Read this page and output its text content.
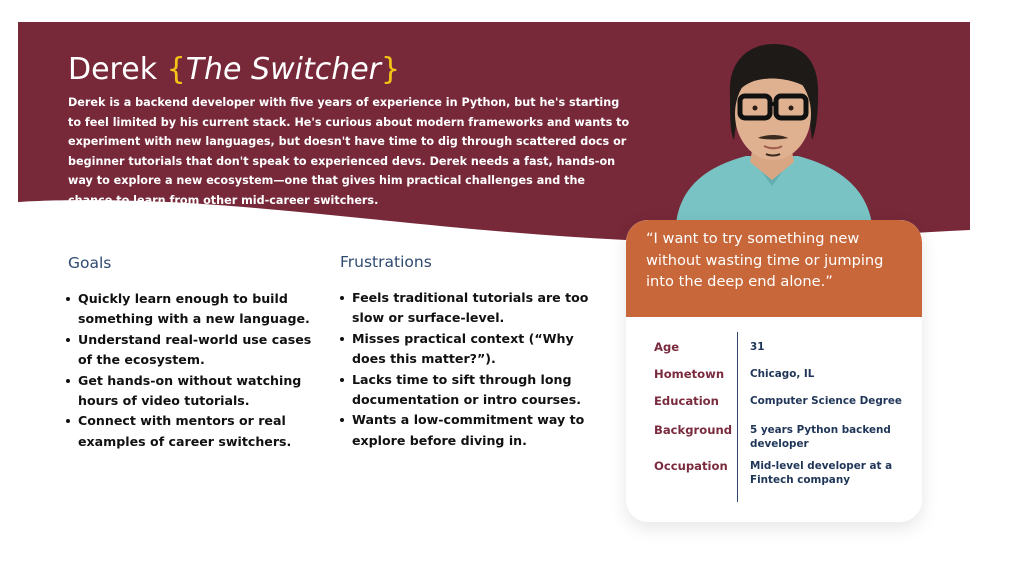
Derek {The Switcher}

Derek is a backend developer with five years of experience in Python, but he's starting to feel limited by his current stack. He's curious about modern frameworks and wants to experiment with new languages, but doesn't have time to dig through scattered docs or beginner tutorials that don't speak to experienced devs. Derek needs a fast, hands-on way to explore a new ecosystem—one that gives him practical challenges and the chance to learn from other mid-career switchers.

Goals
Quickly learn enough to build something with a new language.
Understand real-world use cases of the ecosystem.
Get hands-on without watching hours of video tutorials.
Connect with mentors or real examples of career switchers.
Frustrations
Feels traditional tutorials are too slow or surface-level.
Misses practical context (“Why does this matter?”).
Lacks time to sift through long documentation or intro courses.
Wants a low-commitment way to explore before diving in.

“I want to try something new without wasting time or jumping into the deep end alone.”

Age	31

Hometown Chicago, IL

Education	Computer Science Degree

Background 5 years Python backend developer

Occupation Mid-level developer at a Fintech company
